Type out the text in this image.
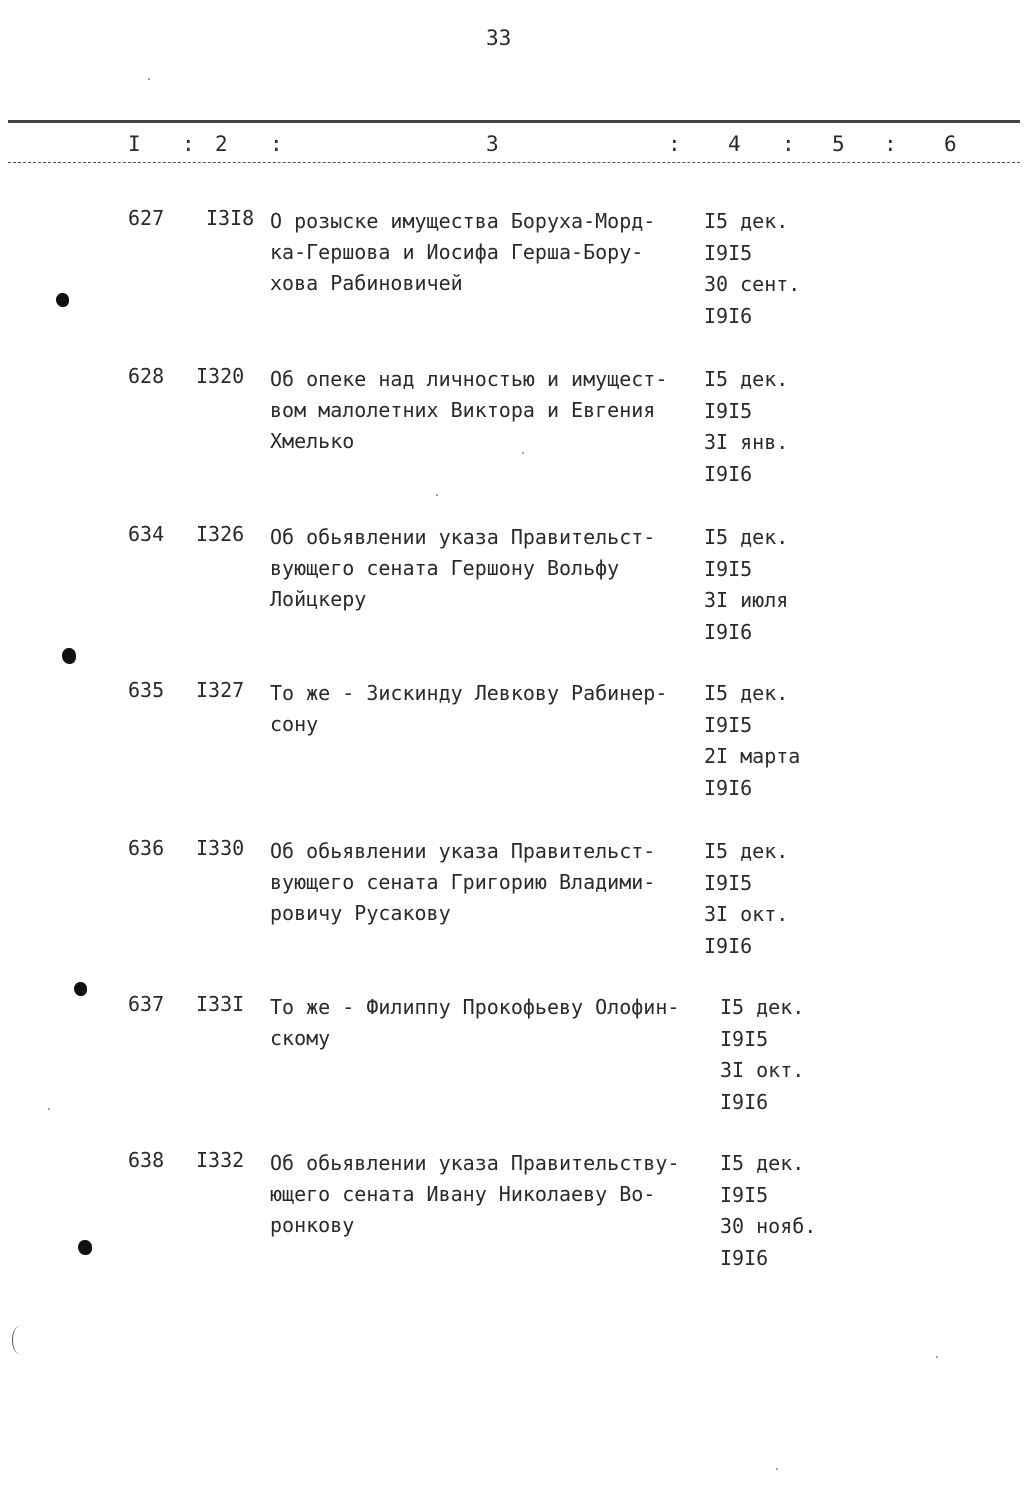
33
I : 2 :	3	: 4 : 5 : 6
627 I3I8 О розыске имущества Боруха-Морд-
ка-Гершова и Иосифа Герша-Бору-
хова Рабиновичей
I5 дек.
I9I5
30 сент.
I9I6
628 I320 Об опеке над личностью и имущест-
вом малолетних Виктора и Евгения
Хмелько
I5 дек.
I9I5
3I янв.
I9I6
634 I326 Об обьявлении указа Правительст-
вующего сената Гершону Вольфу
Лойцкеру
I5 дек.
I9I5
3I июля
I9I6
635 I327 То же - Зискинду Левкову Рабинер-
сону
I5 дек.
I9I5
2I марта
I9I6
636 I330 Об обьявлении указа Правительст-
вующего сената Григорию Владими-
ровичу Русакову
I5 дек.
I9I5
3I окт.
I9I6
637 I33I То же - Филиппу Прокофьеву Олофин-
скому
I5 дек.
I9I5
3I окт.
I9I6
638 I332 Об обьявлении указа Правительству-
ющего сената Ивану Николаеву Во-
ронкову
I5 дек.
I9I5
30 нояб.
I9I6
